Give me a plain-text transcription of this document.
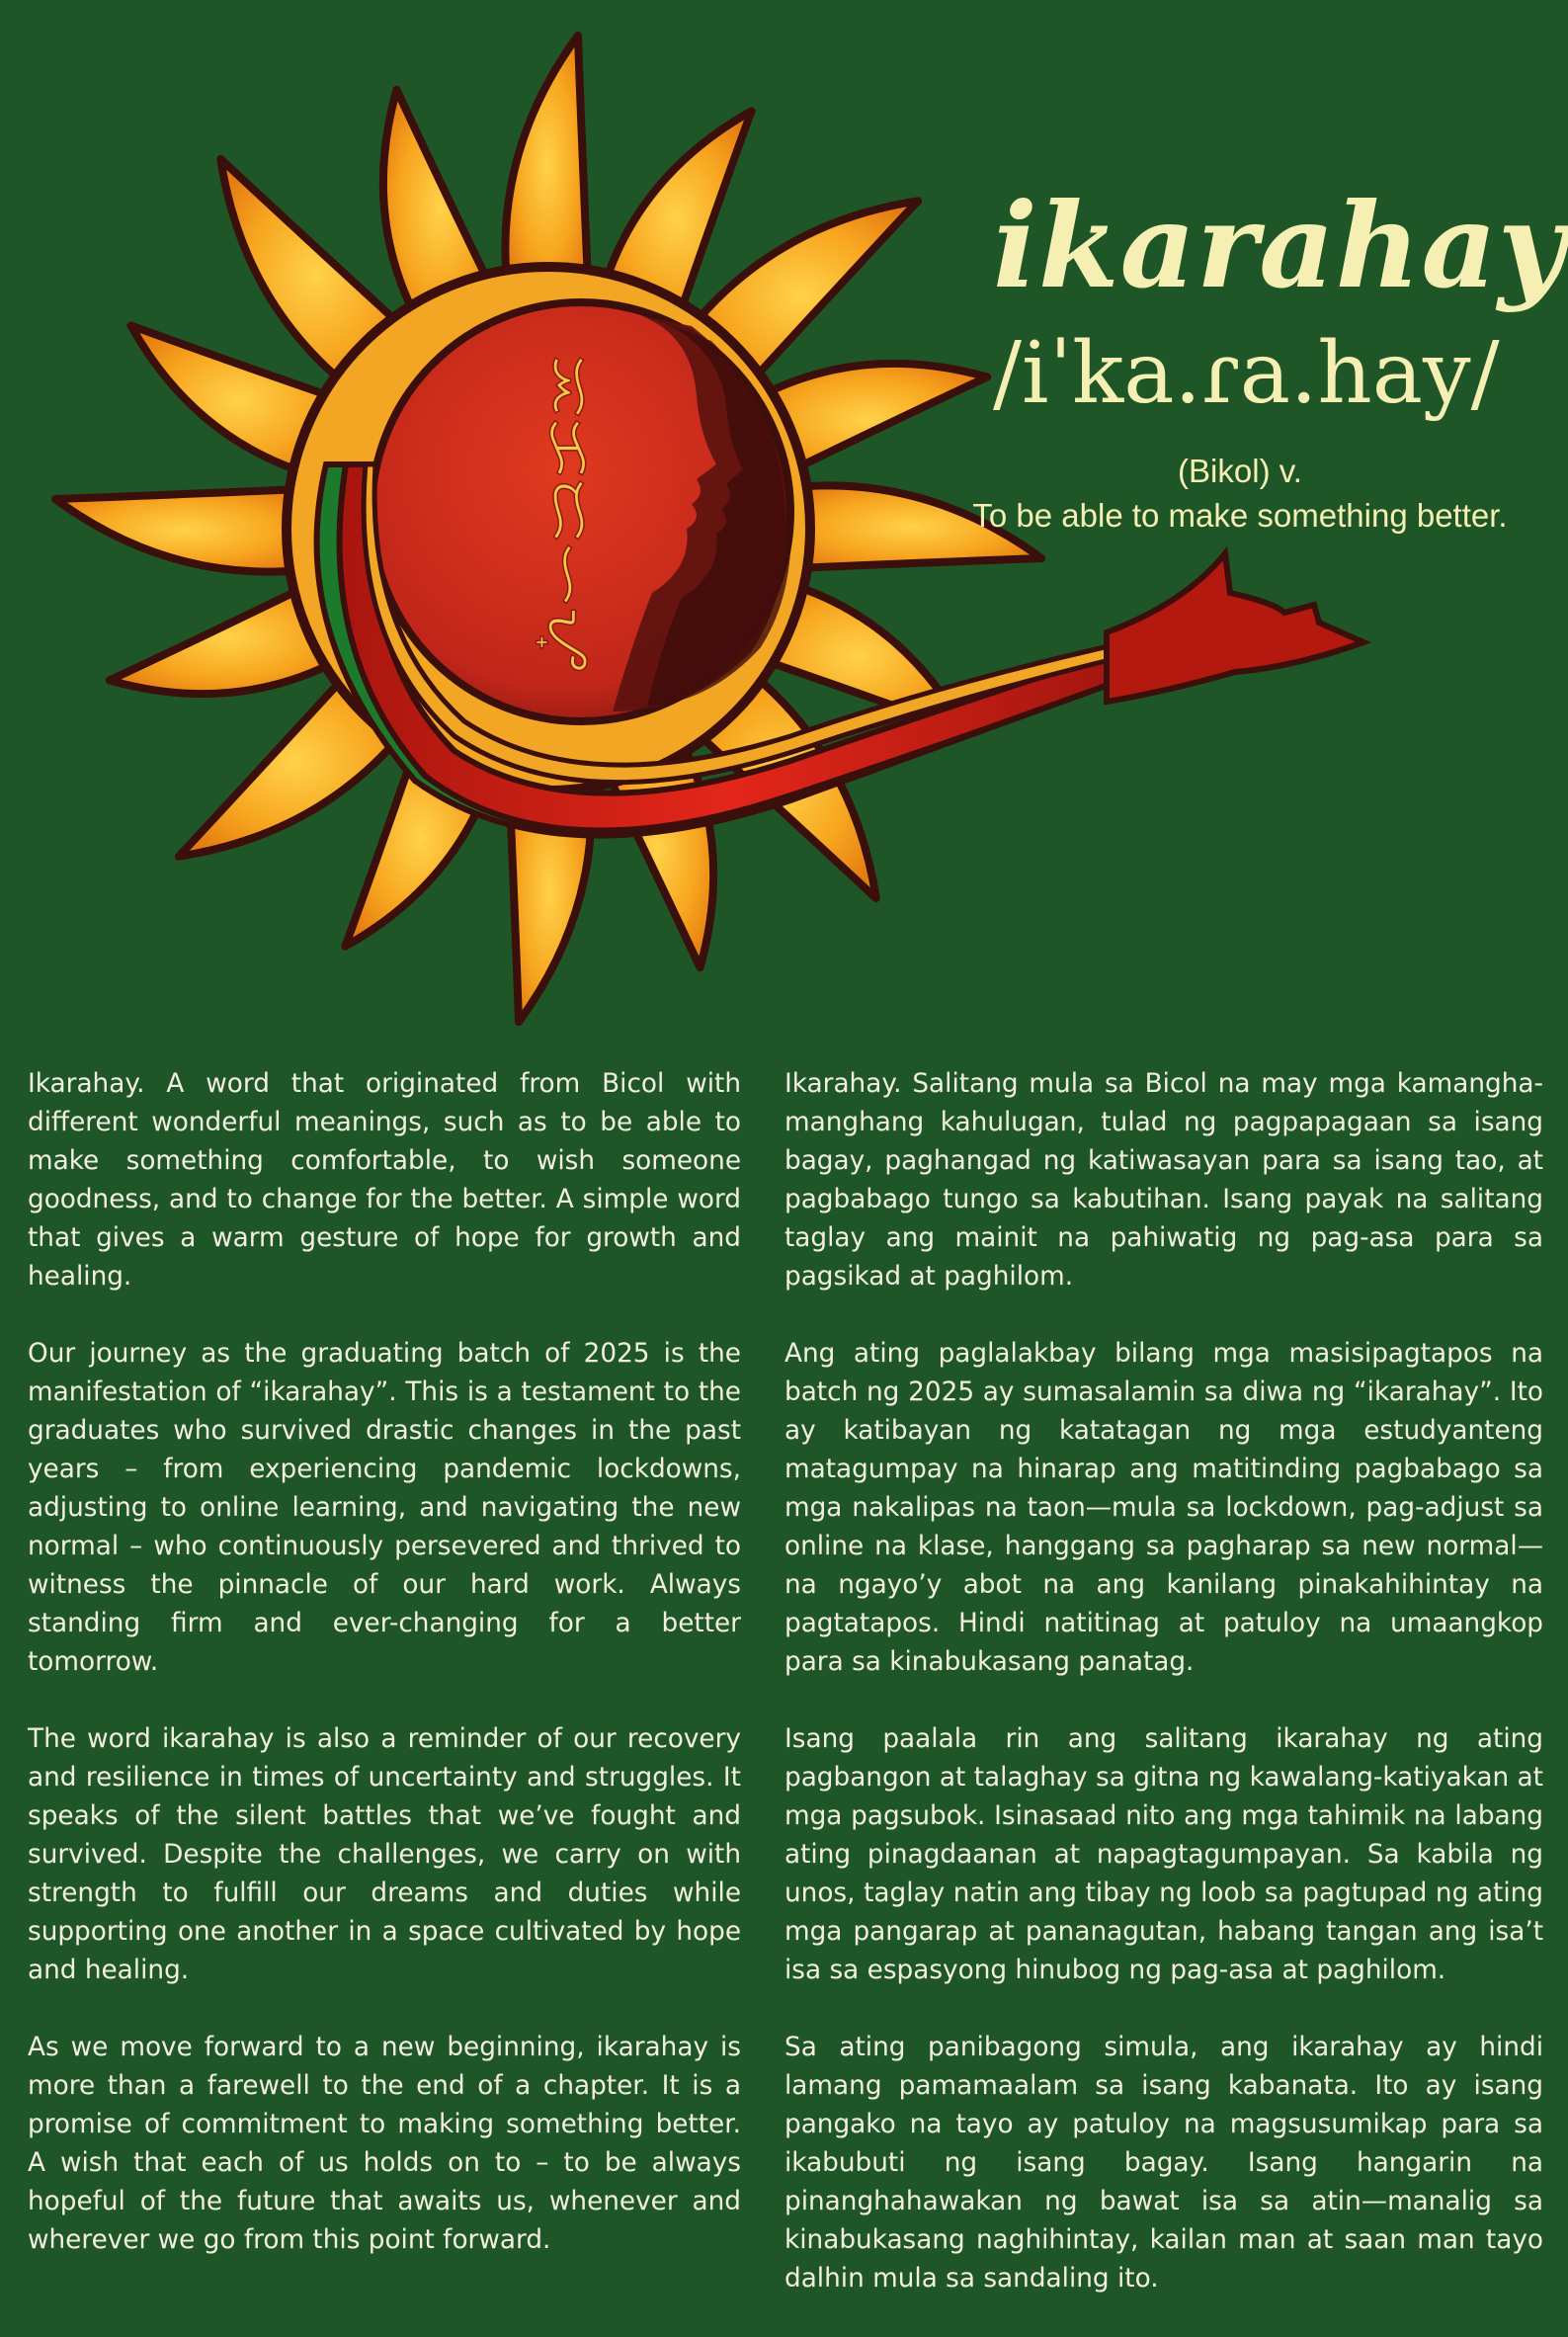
ᜁᜃᜇᜑᜌ᜔
ikarahay
/iˈka.ɾa.hay/
(Bikol) v.
To be able to make something better.

Ikarahay. A word that originated from Bicol with different wonderful meanings, such as to be able to make something comfortable, to wish someone goodness, and to change for the better. A simple word that gives a warm gesture of hope for growth and healing.

Our journey as the graduating batch of 2025 is the manifestation of “ikarahay”. This is a testament to the graduates who survived drastic changes in the past years – from experiencing pandemic lockdowns, adjusting to online learning, and navigating the new normal – who continuously persevered and thrived to witness the pinnacle of our hard work. Always standing firm and ever-changing for a better tomorrow.

The word ikarahay is also a reminder of our recovery and resilience in times of uncertainty and struggles. It speaks of the silent battles that we’ve fought and survived. Despite the challenges, we carry on with strength to fulfill our dreams and duties while supporting one another in a space cultivated by hope and healing.

As we move forward to a new beginning, ikarahay is more than a farewell to the end of a chapter. It is a promise of commitment to making something better. A wish that each of us holds on to – to be always hopeful of the future that awaits us, whenever and wherever we go from this point forward.

Ikarahay. Salitang mula sa Bicol na may mga kamangha-manghang kahulugan, tulad ng pagpapagaan sa isang bagay, paghangad ng katiwasayan para sa isang tao, at pagbabago tungo sa kabutihan. Isang payak na salitang taglay ang mainit na pahiwatig ng pag-asa para sa pagsikad at paghilom.

Ang ating paglalakbay bilang mga masisipagtapos na batch ng 2025 ay sumasalamin sa diwa ng “ikarahay”. Ito ay katibayan ng katatagan ng mga estudyanteng matagumpay na hinarap ang matitinding pagbabago sa mga nakalipas na taon—mula sa lockdown, pag-adjust sa online na klase, hanggang sa pagharap sa new normal—na ngayo’y abot na ang kanilang pinakahihintay na pagtatapos. Hindi natitinag at patuloy na umaangkop para sa kinabukasang panatag.

Isang paalala rin ang salitang ikarahay ng ating pagbangon at talaghay sa gitna ng kawalang-katiyakan at mga pagsubok. Isinasaad nito ang mga tahimik na labang ating pinagdaanan at napagtagumpayan. Sa kabila ng unos, taglay natin ang tibay ng loob sa pagtupad ng ating mga pangarap at pananagutan, habang tangan ang isa’t isa sa espasyong hinubog ng pag-asa at paghilom.

Sa ating panibagong simula, ang ikarahay ay hindi lamang pamamaalam sa isang kabanata. Ito ay isang pangako na tayo ay patuloy na magsusumikap para sa ikabubuti ng isang bagay. Isang hangarin na pinanghahawakan ng bawat isa sa atin—manalig sa kinabukasang naghihintay, kailan man at saan man tayo dalhin mula sa sandaling ito.
